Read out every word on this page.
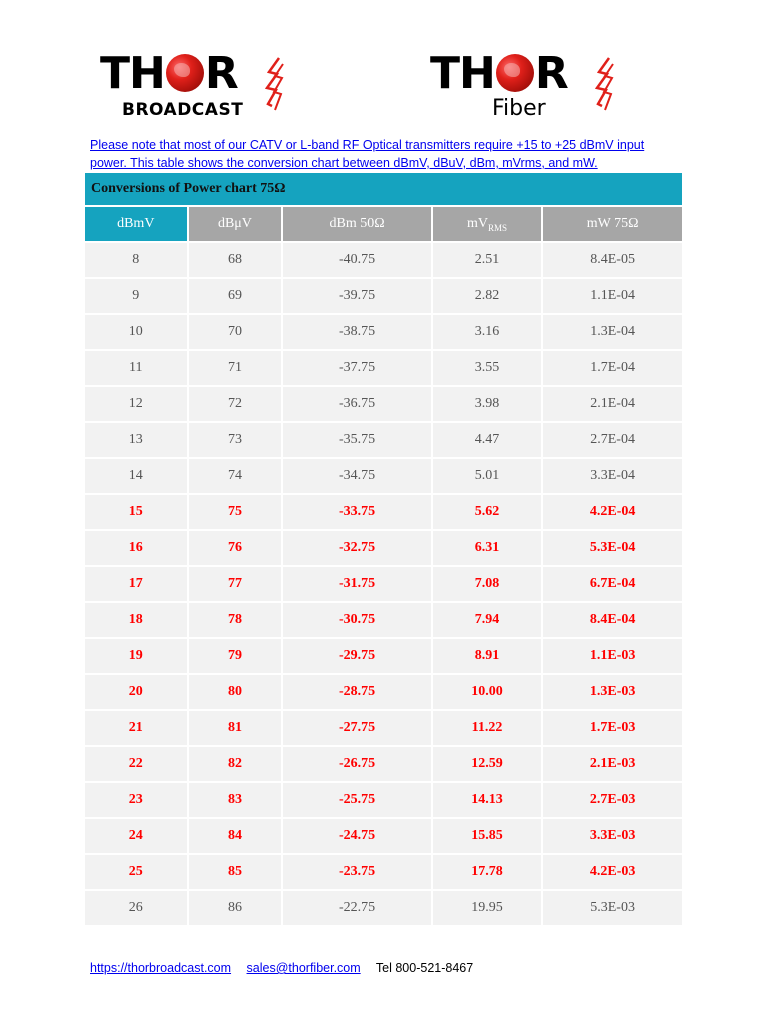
TH R
BROADCAST
TH R
Fiber
Please note that most of our CATV or L-band RF Optical transmitters require +15 to +25 dBmV input power. This table shows the conversion chart between dBmV, dBuV, dBm, mVrms, and mW.
Conversions of Power chart 75Ω
dBmV	dBμV	dBm 50Ω	$mV_{RMS}$	mW 75Ω
8	68	-40.75	2.51	8.4E-05
9	69	-39.75	2.82	1.1E-04
10	70	-38.75	3.16	1.3E-04
11	71	-37.75	3.55	1.7E-04
12	72	-36.75	3.98	2.1E-04
13	73	-35.75	4.47	2.7E-04
14	74	-34.75	5.01	3.3E-04
15	75	-33.75	5.62	4.2E-04
16	76	-32.75	6.31	5.3E-04
17	77	-31.75	7.08	6.7E-04
18	78	-30.75	7.94	8.4E-04
19	79	-29.75	8.91	1.1E-03
20	80	-28.75	10.00	1.3E-03
21	81	-27.75	11.22	1.7E-03
22	82	-26.75	12.59	2.1E-03
23	83	-25.75	14.13	2.7E-03
24	84	-24.75	15.85	3.3E-03
25	85	-23.75	17.78	4.2E-03
26	86	-22.75	19.95	5.3E-03
https://thorbroadcast.com sales@thorfiber.com Tel 800-521-8467
